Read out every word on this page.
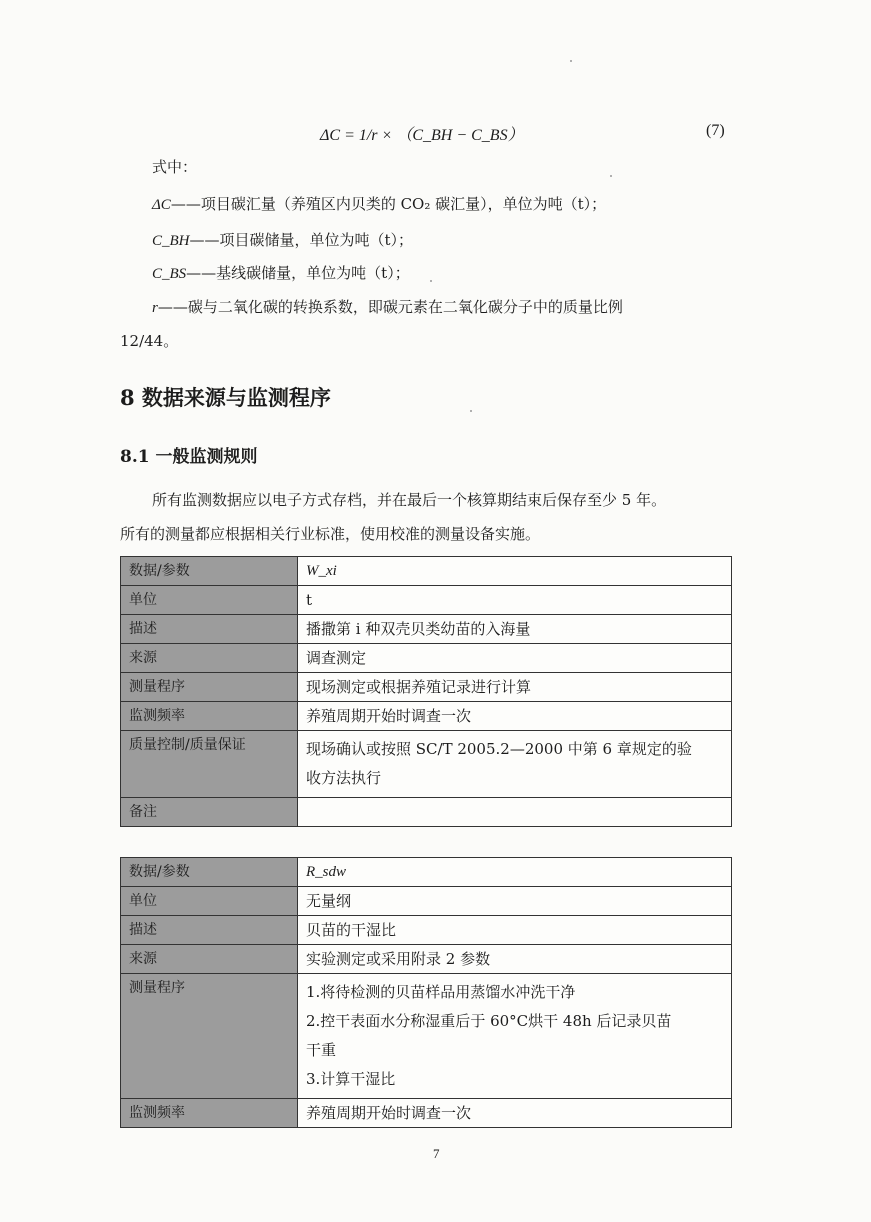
ΔC = 1/r × （C_BH − C_BS）	(7)
式中：
ΔC——项目碳汇量（养殖区内贝类的 CO₂ 碳汇量），单位为吨（t）；
C_BH——项目碳储量，单位为吨（t）；
C_BS——基线碳储量，单位为吨（t）；
r——碳与二氧化碳的转换系数，即碳元素在二氧化碳分子中的质量比例
12/44。
8 数据来源与监测程序
8.1 一般监测规则
所有监测数据应以电子方式存档，并在最后一个核算期结束后保存至少 5 年。
所有的测量都应根据相关行业标准，使用校准的测量设备实施。
数据/参数	W_xi
单位	t
描述	播撒第 i 种双壳贝类幼苗的入海量
来源	调查测定
测量程序	现场测定或根据养殖记录进行计算
监测频率	养殖周期开始时调查一次
质量控制/质量保证	现场确认或按照 SC/T 2005.2—2000 中第 6 章规定的验
收方法执行

备注	
数据/参数	R_sdw
单位	无量纲
描述	贝苗的干湿比
来源	实验测定或采用附录 2 参数
测量程序	1.将待检测的贝苗样品用蒸馏水冲洗干净
2.控干表面水分称湿重后于 60°C烘干 48h 后记录贝苗
干重
3.计算干湿比

监测频率	养殖周期开始时调查一次
7
